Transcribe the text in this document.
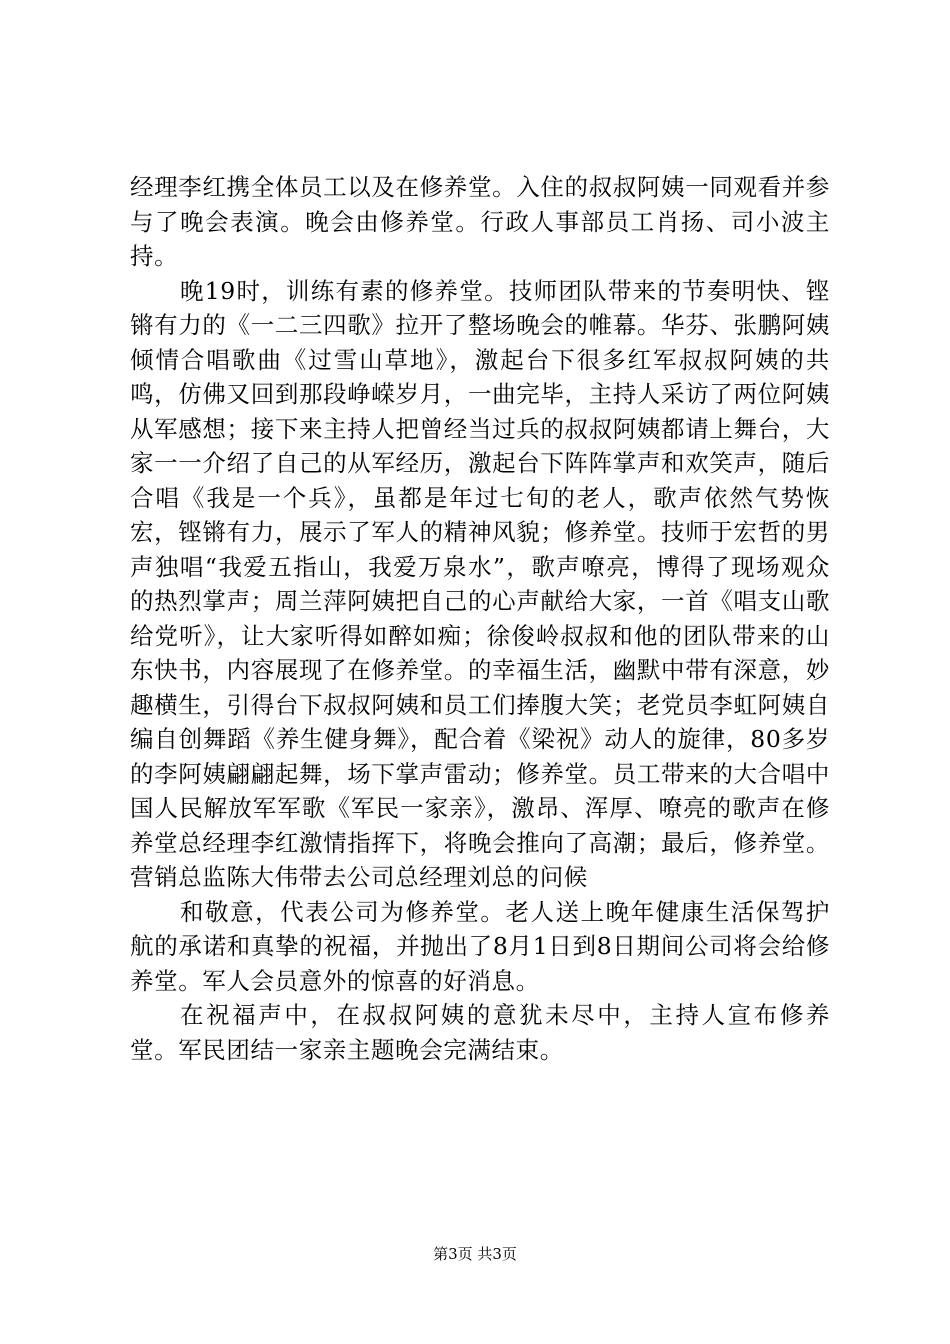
经理李红携全体员工以及在修养堂。入住的叔叔阿姨一同观看并参与了晚会表演。晚会由修养堂。行政人事部员工肖扬、司小波主持。

晚19时，训练有素的修养堂。技师团队带来的节奏明快、铿锵有力的《一二三四歌》拉开了整场晚会的帷幕。华芬、张鹏阿姨倾情合唱歌曲《过雪山草地》，激起台下很多红军叔叔阿姨的共鸣，仿佛又回到那段峥嵘岁月，一曲完毕，主持人采访了两位阿姨从军感想；接下来主持人把曾经当过兵的叔叔阿姨都请上舞台，大家一一介绍了自己的从军经历，激起台下阵阵掌声和欢笑声，随后合唱《我是一个兵》，虽都是年过七旬的老人，歌声依然气势恢宏，铿锵有力，展示了军人的精神风貌；修养堂。技师于宏哲的男声独唱“我爱五指山，我爱万泉水”，歌声嘹亮，博得了现场观众的热烈掌声；周兰萍阿姨把自己的心声献给大家，一首《唱支山歌给党听》，让大家听得如醉如痴；徐俊岭叔叔和他的团队带来的山东快书，内容展现了在修养堂。的幸福生活，幽默中带有深意，妙趣横生，引得台下叔叔阿姨和员工们捧腹大笑；老党员李虹阿姨自编自创舞蹈《养生健身舞》，配合着《梁祝》动人的旋律，80多岁的李阿姨翩翩起舞，场下掌声雷动；修养堂。员工带来的大合唱中国人民解放军军歌《军民一家亲》，激昂、浑厚、嘹亮的歌声在修养堂总经理李红激情指挥下，将晚会推向了高潮；最后，修养堂。营销总监陈大伟带去公司总经理刘总的问候

和敬意，代表公司为修养堂。老人送上晚年健康生活保驾护航的承诺和真挚的祝福，并抛出了8月1日到8日期间公司将会给修养堂。军人会员意外的惊喜的好消息。

在祝福声中，在叔叔阿姨的意犹未尽中，主持人宣布修养堂。军民团结一家亲主题晚会完满结束。

第3页 共3页
